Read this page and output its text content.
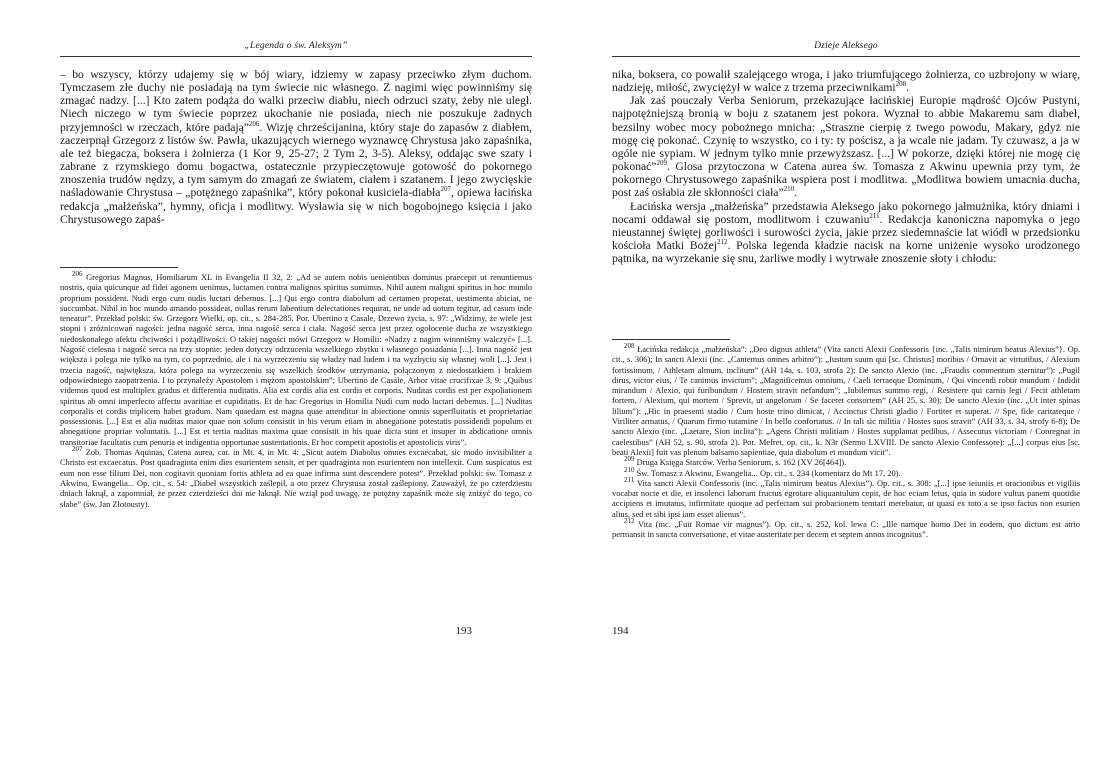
„Legenda o św. Aleksym”

– bo wszyscy, którzy udajemy się w bój wiary, idziemy w zapasy przeciwko złym duchom. Tymczasem złe duchy nie posiadają na tym świecie nic własnego. Z nagimi więc powinniśmy się zmagać nadzy. [...] Kto zatem podąża do walki przeciw diabłu, niech odrzuci szaty, żeby nie uległ. Niech niczego w tym świecie poprzez ukochanie nie posiada, niech nie poszukuje żadnych przyjemności w rzeczach, które padają”$^{206}$. Wizję chrześcijanina, który staje do zapasów z diabłem, zaczerpnął Grzegorz z listów św. Pawła, ukazujących wiernego wyznawcę Chrystusa jako zapaśnika, ale też biegacza, boksera i żołnierza (1 Kor 9, 25-27; 2 Tym 2, 3-5). Aleksy, oddając swe szaty i zabrane z rzymskiego domu bogactwa, ostatecznie przypieczętowuje gotowość do pokornego znoszenia trudów nędzy, a tym samym do zmagań ze światem, ciałem i szatanem. I jego zwycięskie naśladowanie Chrystusa – „potężnego zapaśnika”, który pokonał kusiciela-diabła$^{207}$, opiewa łacińska redakcja „małżeńska”, hymny, oficja i modlitwy. Wysławia się w nich bogobojnego księcia i jako Chrystusowego zapaś-

$^{206}$ Gregorius Magnus, Homiliarum XL in Evangelia II 32, 2: „Ad se autem nobis uenientibus dominus praecepit ut renuntiemus nostris, quia quicunque ad fidei agonem uenimus, luctamen contra malignos spiritus sumimus. Nihil autem maligni spiritus in hoc mundo proprium possident. Nudi ergo cum nudis luctari debemus. [...] Qui ergo contra diabolum ad certamen properat, uestimenta abiciat, ne succumbat. Nihil in hoc mundo amando possideat, nullas rerum labentium delectationes requirat, ne unde ad uotum tegitur, ad casum inde teneatur”. Przekład polski: św. Grzegorz Wielki, op. cit., s. 284-285. Por. Ubertino z Casale, Drzewo życia, s. 97: „Widzimy, że wiele jest stopni i zróżnicowań nagości: jedna nagość serca, inna nagość serca i ciała. Nagość serca jest przez ogołocenie ducha ze wszystkiego niedoskonałego afektu chciwości i pożądliwości. O takiej nagości mówi Grzegorz w Homilii: «Nadzy z nagim winnniśmy walczyć» [...]. Nagość cielesna i nagość serca na trzy stopnie: jeden dotyczy odrzucenia wszelkiego zbytku i własnego posiadania [...]. Inna nagość jest większa i polega nie tylko na tym, co poprzednio, ale i na wyrzeczeniu się władzy nad ludem i na wyzbyciu się własnej woli [...]. Jest i trzecia nagość, największa, która polega na wyrzeczeniu się wszelkich środków utrzymania, połączonym z niedostatkiem i brakiem odpowiedniego zaopatrzenia. I to przynależy Apostołom i mężom apostolskim”; Ubertino de Casale, Arbor vitae crucifixae 3, 9: „Quibus videmus quod est multiplex gradus et differentia nuditatis. Alia est cordis alia est cordis et corporis. Nuditas cordis est per expoliationem spiritus ab omni imperfecto affectu avaritiae et cupiditatis. Et de hac Gregorius in Homilia Nudi cum nudo luctari debemus. [...] Nuditas corporalis et cordis triplicem habet gradum. Nam quaedam est magna quae attenditur in abiectione omnis superfluitatis et proprietariae possessionis. [...] Est et alia nuditas maior quae non solum consistit in his verum etiam in abnegatione potestatis possidendi populum et abnegatione propriae voluntatis. [...] Est et tertia nuditas maxima quae consistit in his quae dicta sunt et insuper in abdicatione omnis transitoriae facultatis cum penuria et indigentia opportunae sustentationis. Et hoc competit apostolis et apostolicis viris”.

$^{207}$ Zob. Thomas Aquinas, Catena aurea, cat. in Mt. 4, in Mt. 4: „Sicut autem Diabolus omnes excaecabat, sic modo invisibiliter a Christo est excaecatus. Post quadraginta enim dies esurientem sensit, et per quadraginta non esurientem non intellexit. Cum suspicatus est eum non esse filium Dei, non cogitavit quoniam fortis athleta ad ea quae infirma sunt descendere potest”. Przekład polski: św. Tomasz z Akwinu, Ewangelia... Op. cit., s. 54: „Diabeł wszystkich zaślepił, a oto przez Chrystusa został zaślepiony. Zauważył, że po czterdziestu dniach łaknął, a zapomniał, że przez czterdzieści dni nie łaknął. Nie wziął pod uwagę, że potężny zapaśnik może się zniżyć do tego, co słabe” (św. Jan Złotousty).

193
Dzieje Aleksego

nika, boksera, co powalił szalejącego wroga, i jako triumfującego żołnierza, co uzbrojony w wiarę, nadzieję, miłość, zwyciężył w walce z trzema przeciwnikami$^{208}$.

Jak zaś pouczały Verba Seniorum, przekazujące łacińskiej Europie mądrość Ojców Pustyni, najpotężniejszą bronią w boju z szatanem jest pokora. Wyznał to abbie Makaremu sam diabeł, bezsilny wobec mocy pobożnego mnicha: „Straszne cierpię z twego powodu, Makary, gdyż nie mogę cię pokonać. Czynię to wszystko, co i ty: ty pościsz, a ja wcale nie jadam. Ty czuwasz, a ja w ogóle nie sypiam. W jednym tylko mnie przewyższasz. [...] W pokorze, dzięki której nie mogę cię pokonać”$^{209}$. Glosa przytoczona w Catena aurea św. Tomasza z Akwinu upewnia przy tym, że pokornego Chrystusowego zapaśnika wspiera post i modlitwa. „Modlitwa bowiem umacnia ducha, post zaś osłabia złe skłonności ciała”$^{210}$.

Łacińska wersja „małżeńska” przedstawia Aleksego jako pokornego jałmużnika, który dniami i nocami oddawał się postom, modlitwom i czuwaniu$^{211}$. Redakcja kanoniczna napomyka o jego nieustannej świętej gorliwości i surowości życia, jakie przez siedemnaście lat wiódł w przedsionku kościoła Matki Bożej$^{212}$. Polska legenda kładzie nacisk na korne uniżenie wysoko urodzonego pątnika, na wyrzekanie się snu, żarliwe modły i wytrwałe znoszenie słoty i chłodu:

$^{208}$ Łacińska redakcja „małżeńska”: „Deo dignus athleta” (Vita sancti Alexii Confessoris {inc. „Talis nimirum beatus Alexius”}. Op. cit., s. 306); In sancti Alexii (inc. „Cantemus omnes arbitro”): „Iustum suum qui [sc. Christus] moribus / Ornavit ac virtutibus, / Alexium fortissimum, / Athletam almum, inclitum” (AH 14a, s. 103, strofa 2); De sancto Alexio (inc. „Fraudis commentum sternitur”): „Pugil dirus, victor eius, / Te canimus invictum”; „Magnificemus omnium, / Caeli terraeque Dominum, / Qui vincendi robur mundum / Indidit mirandum / Alexio, qui furibundum / Hostem stravit nefandum”; „Iubilemus summo regi, / Resistere qui carnis legi / Fecit athletam fortem, / Alexium, qui mortem / Sprevit, ut angelorum / Se faceret consortem” (AH 25, s. 30); De sancto Alexio (inc. „Ut inter spinas lilium”): „Hic in praesenti stadio / Cum hoste trino dimicat, / Accinctus Christi gladio / Fortiter et superat. // Spe, fide caritateque / Viriliter armatus, / Quarum firmo tutamine / In bello confortatus. // In tali sic militia / Hostes suos stravit” (AH 33, s. 34, strofy 6-8); De sancto Alexio (inc. „Laetare, Sion inclita”): „Agens Christi militiam / Hostes supplantat pedibus, / Assecutus victoriam / Conregnat in caelestibus” (AH 52, s. 90, strofa 2). Por. Mefret, op. cit., k. N3r (Sermo LXVIII. De sancto Alexio Confessore): „[...] corpus eius [sc. beati Alexii] fuit vas plenum balsamo sapientiae, quia diabolum et mundum vicit”.

$^{209}$ Druga Księga Starców. Verba Seniorum, s. 162 (XV 26[464]).

$^{210}$ Św. Tomasz z Akwinu, Ewangelia... Op. cit., s. 234 (komentarz do Mt 17, 20).

$^{211}$ Vita sancti Alexii Confessoris (inc. „Talis nimirum beatus Alexius”). Op. cit., s. 308: „[...] ipse ieiuniis et oracionibus et vigiliis vocabat nocte et die, et insolenci laborum fructus egrotare aliquantulum cepit, de hoc eciam letus, quia in sudore vultus panem quotidie accipiens et imutatus, infirmitate quoque ad perfectam sui probacionem temtari merebatur, ut quasi ex toto a se ipso factus non esurien alius, sed et sibi ipsi iam esset alienus”.

$^{212}$ Vita (inc. „Fuit Romae vir magnus”). Op. cit., s. 252, kol. lewa C: „Ille namque homo Dei in eodem, quo dictum est atrio permansit in sancta conversatione, et vitae austeritate per decem et septem annos incognitus”.

194
